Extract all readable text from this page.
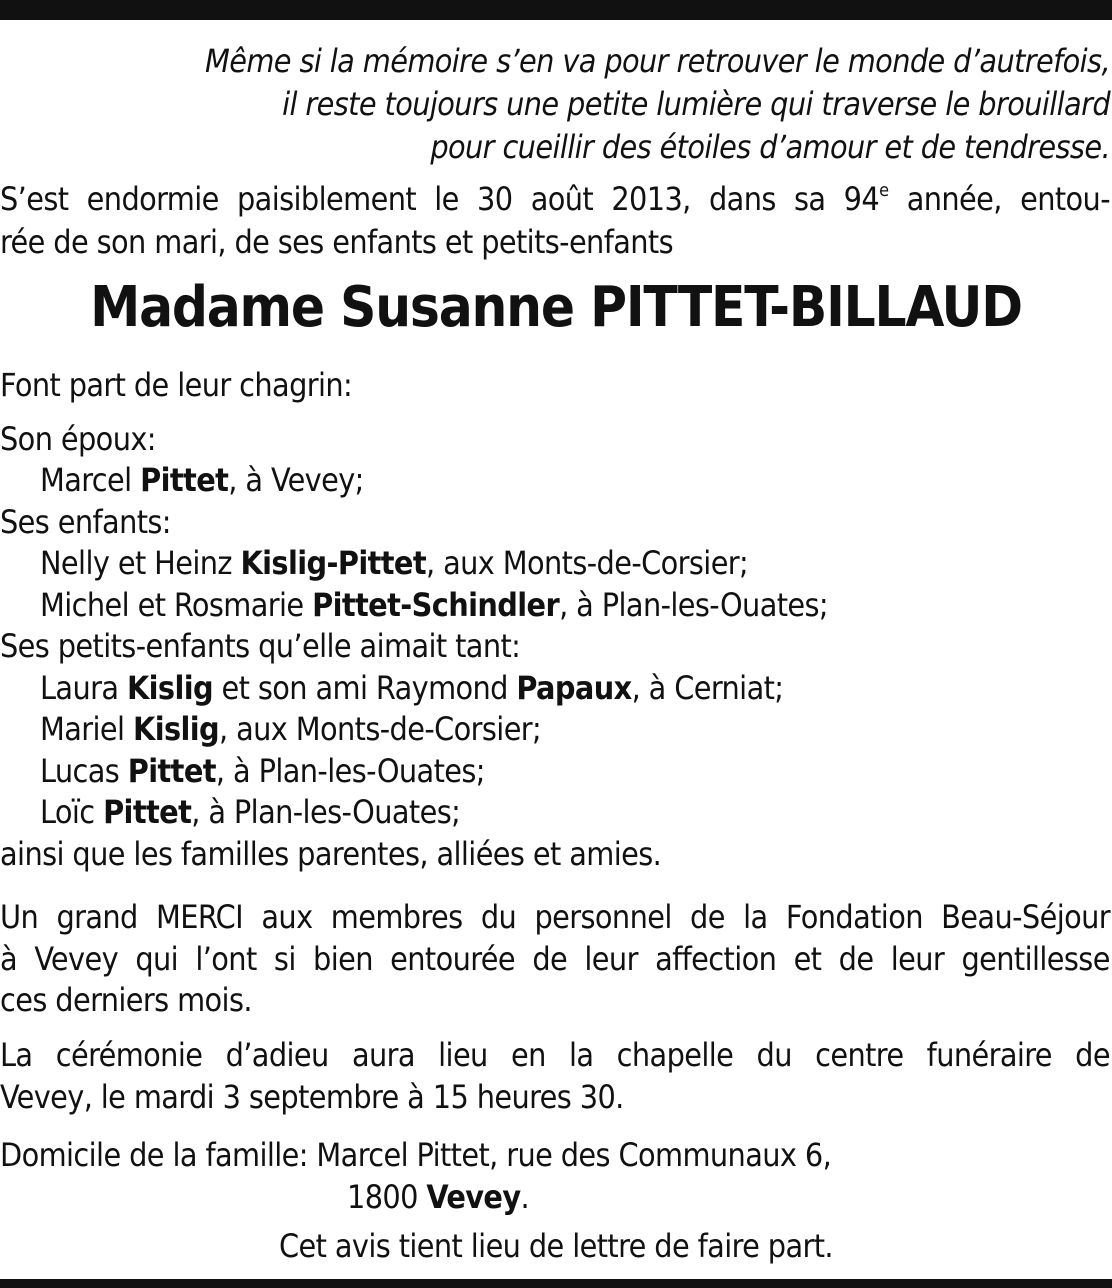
Même si la mémoire s’en va pour retrouver le monde d’autrefois,
il reste toujours une petite lumière qui traverse le brouillard
pour cueillir des étoiles d’amour et de tendresse.
S’est endormie paisiblement le 30 août 2013, dans sa 94e année, entou-
rée de son mari, de ses enfants et petits-enfants
Madame Susanne PITTET-BILLAUD
Font part de leur chagrin:
Son époux:
Marcel Pittet, à Vevey;
Ses enfants:
Nelly et Heinz Kislig-Pittet, aux Monts-de-Corsier;
Michel et Rosmarie Pittet-Schindler, à Plan-les-Ouates;
Ses petits-enfants qu’elle aimait tant:
Laura Kislig et son ami Raymond Papaux, à Cerniat;
Mariel Kislig, aux Monts-de-Corsier;
Lucas Pittet, à Plan-les-Ouates;
Loïc Pittet, à Plan-les-Ouates;
ainsi que les familles parentes, alliées et amies.
Un grand MERCI aux membres du personnel de la Fondation Beau-Séjour
à Vevey qui l’ont si bien entourée de leur affection et de leur gentillesse
ces derniers mois.
La cérémonie d’adieu aura lieu en la chapelle du centre funéraire de
Vevey, le mardi 3 septembre à 15 heures 30.
Domicile de la famille: Marcel Pittet, rue des Communaux 6,
1800 Vevey.
Cet avis tient lieu de lettre de faire part.
